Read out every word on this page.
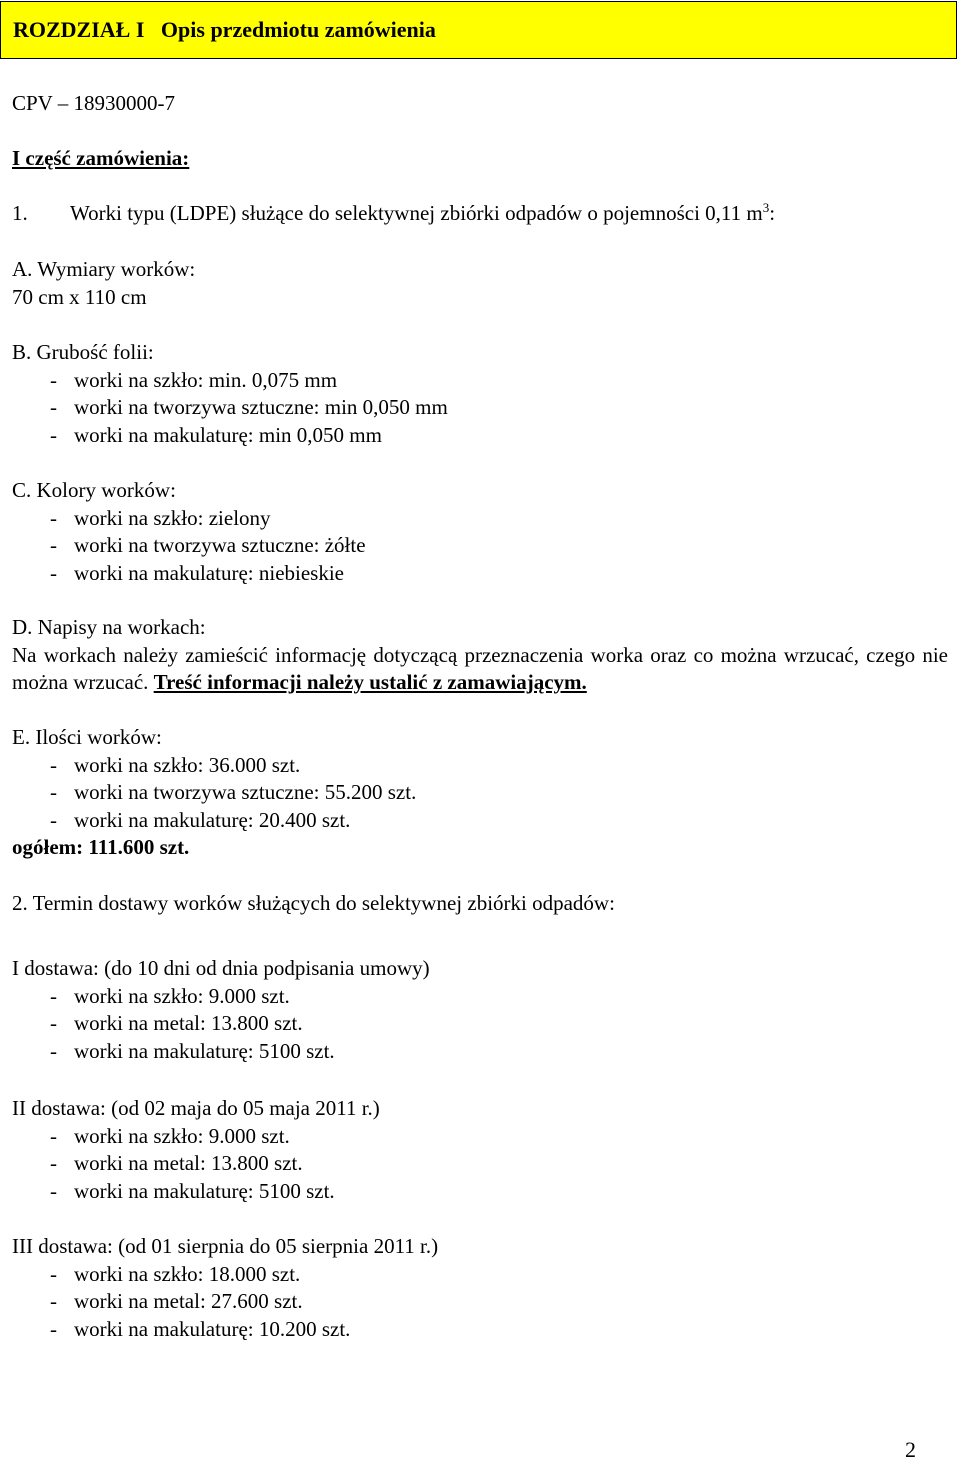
ROZDZIAŁ I   Opis przedmiotu zamówienia
CPV – 18930000-7
I część zamówienia:
1. Worki typu (LDPE) służące do selektywnej zbiórki odpadów o pojemności 0,11 $m^3$:
A. Wymiary worków:
70 cm x 110 cm
B. Grubość folii:
- worki na szkło: min. 0,075 mm
- worki na tworzywa sztuczne: min 0,050 mm
- worki na makulaturę: min 0,050 mm
C. Kolory worków:
- worki na szkło: zielony
- worki na tworzywa sztuczne: żółte
- worki na makulaturę: niebieskie
D. Napisy na workach:

Na workach należy zamieścić informację dotyczącą przeznaczenia worka oraz co można wrzucać, czego nie można wrzucać. Treść informacji należy ustalić z zamawiającym.

E. Ilości worków:
- worki na szkło: 36.000 szt.
- worki na tworzywa sztuczne: 55.200 szt.
- worki na makulaturę: 20.400 szt.
ogółem: 111.600 szt.
2. Termin dostawy worków służących do selektywnej zbiórki odpadów:
I dostawa: (do 10 dni od dnia podpisania umowy)
- worki na szkło: 9.000 szt.
- worki na metal: 13.800 szt.
- worki na makulaturę: 5100 szt.
II dostawa: (od 02 maja do 05 maja 2011 r.)
- worki na szkło: 9.000 szt.
- worki na metal: 13.800 szt.
- worki na makulaturę: 5100 szt.
III dostawa: (od 01 sierpnia do 05 sierpnia 2011 r.)
- worki na szkło: 18.000 szt.
- worki na metal: 27.600 szt.
- worki na makulaturę: 10.200 szt.
2
